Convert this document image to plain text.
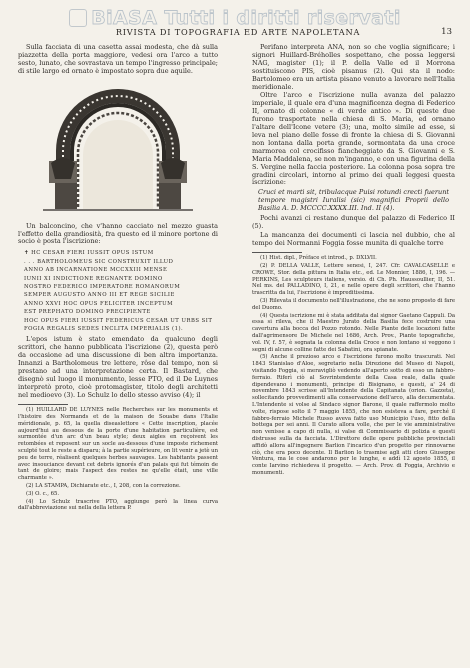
BiASA Tutti i diritti riservati
RIVISTA DI TOPOGRAFIA ED ARTE NAPOLETANA	13

Sulla facciata di una casetta assai modesta, che dà sulla piazzetta della porta maggiore, vedesi ora l'arco a tutto sesto, lunato, che sovrastava un tempo l'ingresso principale; di stile largo ed ornato è impostato sopra due aquile.

Un balconcino, che v'hanno cacciato nel mezzo guasta l'effetto della grandiosità, fra questo ed il minore portone di socio è posta l'iscrizione:

✝ HC CESAR FIERI IUSSIT OPUS ISTUM
. . . BARTHOLOMEUS SIC CONSTRUXIT ILLUD
ANNO AB INCARNATIONE MCCXXIII MENSE
IUNII XI INDICTIONE REGNANTE DOMINO
NOSTRO FEDERICO IMPERATORE ROMANORUM
SEMPER AUGUSTO ANNO III ET REGE SICILIE
ANNO XXVI HOC OPUS FELICITER INCEPTUM
EST PREPHATO DOMINO PRECIPIENTE
HOC OPUS FIERI IUSSIT FEDERICUS CESAR UT URBS SIT
FOGIA REGALIS SEDES INCLITA IMPERIALIS (1).

L'epos istum è stato emendato da qualcuno degli scrittori, che hanno pubblicata l'iscrizione (2), questa però da occasione ad una discussione di ben altra importanza. Innanzi a Bartholomeus tre lettere, rôse dal tempo, non si prestano ad una interpretazione certa. Il Bastard, che disegnò sul luogo il monumento, lesse PTO, ed il De Luynes interpretò proto, cioè protomagister, titolo degli architetti nel medioevo (3). Lo Schulz lo dello stesso avviso (4); il

(1) HUILLARD DE LUYNES nelle Recherches sur les monuments et l'histoire des Normands et de la maison de Souabe dans l'Italie méridionale, p. 65, la quella diseaslettore « Cette inscription, placée aujourd'hui au dessous de la porte d'une habitation particulière, est surmontée d'un arc d'un beau style; deux aigles en reçoivent les retombées et reposent sur un socle au-dessous d'une imposte richement sculpté tout le reste a disparu; à la partie supérieure, on lit venir a jetè un peu de terre, réalisent quelques herbes sauvages. Les habitants passent avec insouciance devant cet debris ignorés d'un palais qui fut témoin de tant de gloire; mais l'aspect des restes ne qu'elle était, une ville charmante ».

(2) LA STAMPA, Dichiarate etc., I, 208, con la correzione.

(3) O. c., 65.

(4) Lo Schulz trascrive PTO, aggiunge però la linea curva dall'abbreviazione sui nella della lettera P.

Perifano interpreta ANA, non so che voglia significare; i signori Huillard-Bréholles sospettano, che possa leggersi NAG, magister (1); il P. della Valle ed il Morrona sostituiscono PIS, cioè pisanus (2). Qui sta il nodo: Bartolomeo era un artista pisano venuto a lavorare nell'Italia meridionale.

Oltre l'arco e l'iscrizione nulla avanza del palazzo imperiale, il quale era d'una magnificenza degna di Federico II, ornato di colonne « di verde antico ». Di queste due furono trasportate nella chiesa di S. Maria, ed ornano l'altare dell'Icone vetere (3); una, molto simile ad esse, si leva nel piano delle fosse di fronte la chiesa di S. Giovanni non lontana dalla porta grande, sormontata da una croce marmorea col crocifisso fiancheggiato da S. Giovanni e S. Maria Maddalena, se non m'inganno, e con una figurina della S. Vergine nella faccia posteriore. La colonna posa sopra tre gradini circolari, intorno al primo dei quali leggesi questa iscrizione:

Cruci et marti sit, tribulacque Puisi rotundi crecti fuerunt tempore magistri Iuralisi (sic) magnifici Proprii dello Basilia A. D. MCCCC.XXXX.III. Ind. II (4).

Pochi avanzi ci restano dunque del palazzo di Federico II (5).

La mancanza dei documenti ci lascia nel dubbio, che al tempo dei Normanni Foggia fosse munita di qualche torre

(1) Hist. dipl., Préface et introd., p. DXLVII.

(2) P. DELLA VALLE, Lettere senesi, I, 247. Cfr. CAVALCASELLE e CROWE, Stor. della pittura in Italia etc., ed. Le Monnier, 1886, I, 196. — PERKINS, Les sculpteurs italiens, versio. di Ch. Ph. Haussoullier, II, 51. Nel ms. del PALLADINO, I, 21, e nelle opere degli scrittori, che l'hanno trascritta da lui, l'iscrizione è impreditissima.

(3) Rilevata il documento nell'illustrazione, che ne sono proposto di fare del Duomo.

(4) Questa iscrizione mi è stata additata dal signor Gaetano Cappuli. Da essa si rileva, che il Maestro Jurato della Basilia fece costruire una cavertura alla bocca del Pozzo rotondo. Nelle Piante delle locazioni fatte dall'agrimensore De Michele nel 1686, Arch. Prov., Piante topografiche, vol. IV, f. 57, è segnata la colonna della Croce e non lontano si veggono i segni di alcune colline fatte dei Sabatini, ora spianate.

(5) Anche il prezioso arco e l'iscrizione furono molto trascurati. Nel 1843 Stanislao d'Aloe, segretario nella Direzione del Museo di Napoli, visitando Foggia, si meravigliò vedendo all'aperto sotto di esso un fabbro-ferraio. Riferì ciò al Sovrintendente della Casa reale, dalla quale dipendevano i monumenti, principe di Bisignano, e questi, a' 24 di novembre 1843 scrisse all'Intendente della Capitanata (orion. Gazzeta), sollecitando provvedimenti alla conservazione dell'arco, alla decumentata. L'Intendente si volse al Sindaco signor Barone, il quale raffermolo molto volte, rispose solto il 7 maggio 1855, che non esisteva a fare, perché il fabbro-ferraio Michele Russo aveva fatto uso Municipio l'uso, fitto della bottega per sei anni. Il Curato allora volle, che per le vie amministrative non venisse a capo di nulla, si valse di Commissario di polizia e questi distrusse sulla da facciata. L'Direttore delle opere pubbliche provinciali affidò allora all'ingegnere Barlion l'incarico d'un progetto per rinnovarne ciò, che era poco decente. Il Barlion lo trasmise agli atti cloro Giuseppe Ventura, ma le cose andarono per le lunghe, e addì 12 agosto 1855, il conte Iarvino richiedeva il progetto. — Arch. Prov. di Foggia, Archivio e monumenti.
